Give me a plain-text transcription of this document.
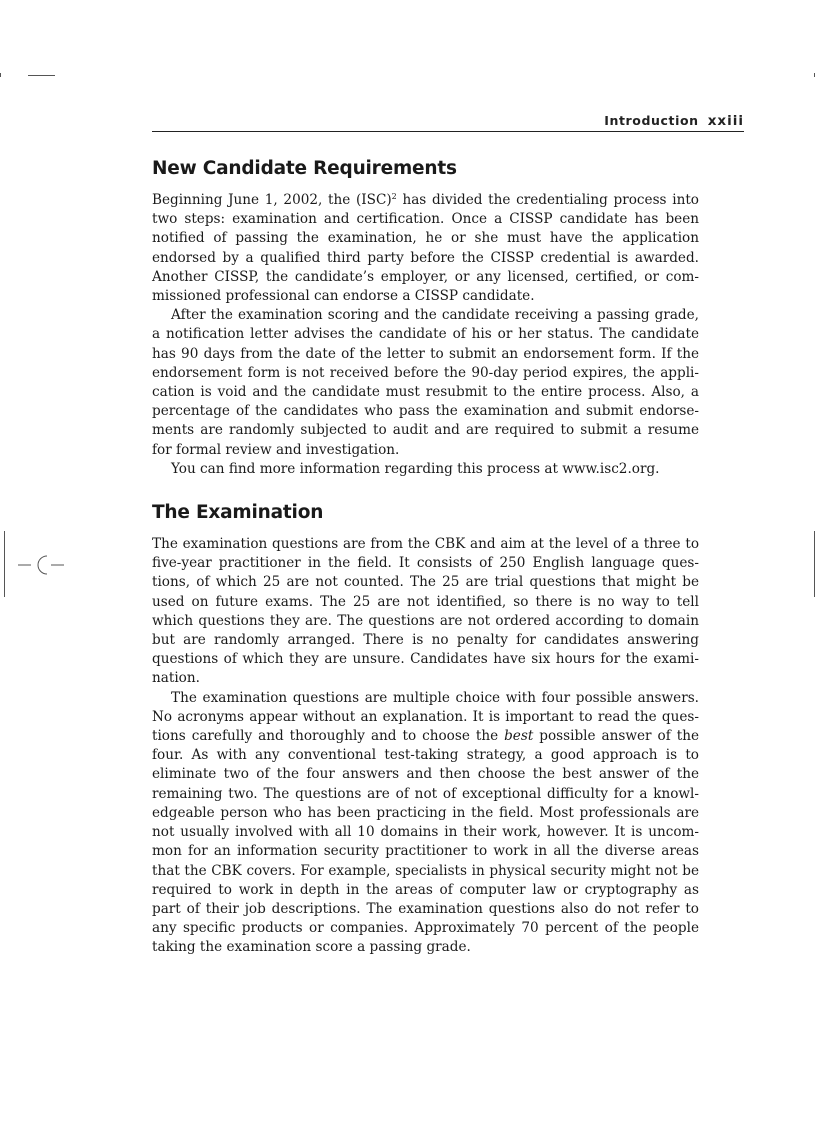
Introduction xxiii
New Candidate Requirements

Beginning June 1, 2002, the (ISC)$^2$ has divided the credentialing process into two steps: examination and certification. Once a CISSP candidate has been notified of passing the examination, he or she must have the application endorsed by a qualified third party before the CISSP credential is awarded. Another CISSP, the candidate’s employer, or any licensed, certified, or commissioned professional can endorse a CISSP candidate.

After the examination scoring and the candidate receiving a passing grade, a notification letter advises the candidate of his or her status. The candidate has 90 days from the date of the letter to submit an endorsement form. If the endorsement form is not received before the 90-day period expires, the application is void and the candidate must resubmit to the entire process. Also, a percentage of the candidates who pass the examination and submit endorsements are randomly subjected to audit and are required to submit a resume for formal review and investigation.

You can find more information regarding this process at www.isc2.org.

The Examination

The examination questions are from the CBK and aim at the level of a three to five-year practitioner in the field. It consists of 250 English language questions, of which 25 are not counted. The 25 are trial questions that might be used on future exams. The 25 are not identified, so there is no way to tell which questions they are. The questions are not ordered according to domain but are randomly arranged. There is no penalty for candidates answering questions of which they are unsure. Candidates have six hours for the examination.

The examination questions are multiple choice with four possible answers. No acronyms appear without an explanation. It is important to read the questions carefully and thoroughly and to choose the best possible answer of the four. As with any conventional test-taking strategy, a good approach is to eliminate two of the four answers and then choose the best answer of the remaining two. The questions are of not of exceptional difficulty for a knowledgeable person who has been practicing in the field. Most professionals are not usually involved with all 10 domains in their work, however. It is uncommon for an information security practitioner to work in all the diverse areas that the CBK covers. For example, specialists in physical security might not be required to work in depth in the areas of computer law or cryptography as part of their job descriptions. The examination questions also do not refer to any specific products or companies. Approximately 70 percent of the people taking the examination score a passing grade.
